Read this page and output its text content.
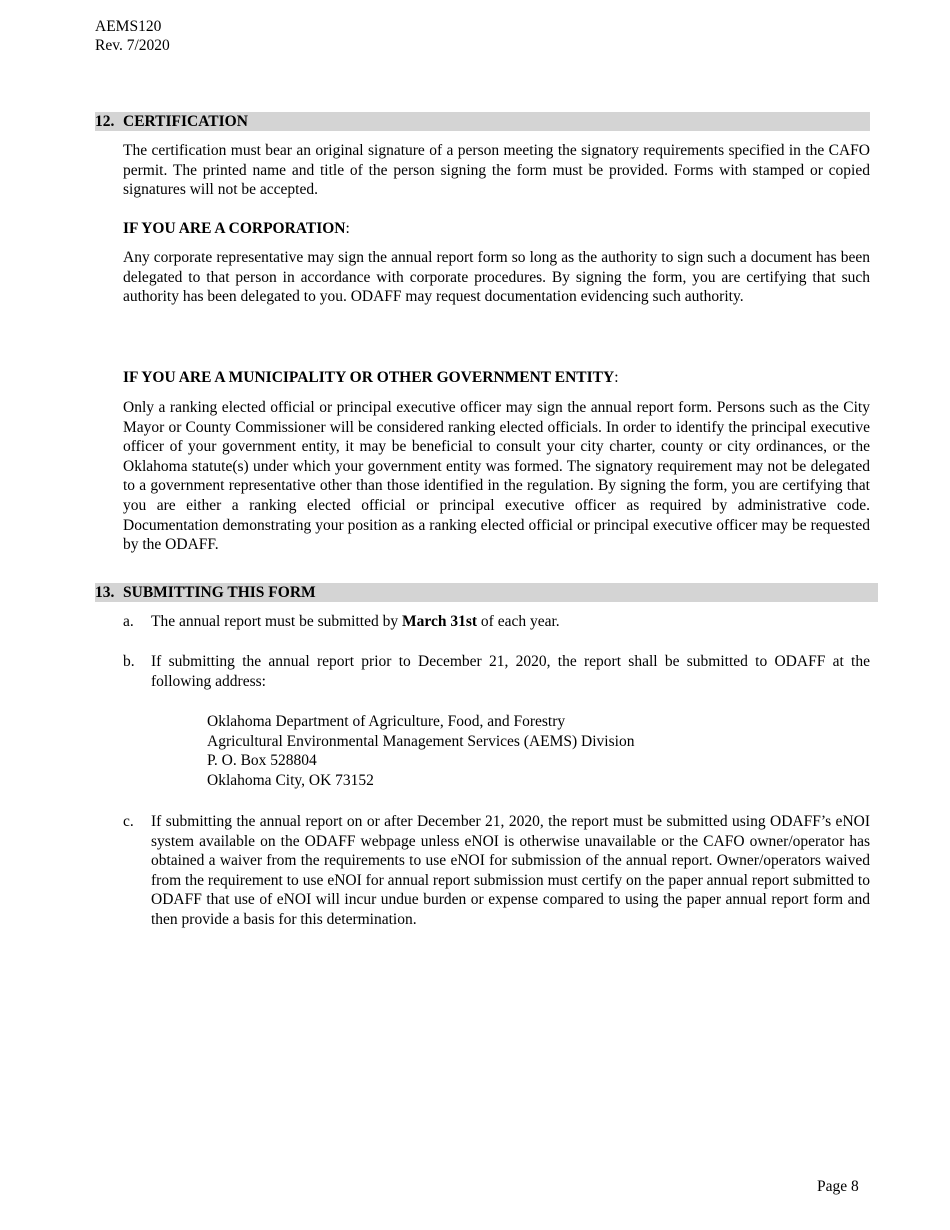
AEMS120
Rev. 7/2020
12. CERTIFICATION

The certification must bear an original signature of a person meeting the signatory requirements specified in the CAFO permit. The printed name and title of the person signing the form must be provided. Forms with stamped or copied signatures will not be accepted.

IF YOU ARE A CORPORATION:

Any corporate representative may sign the annual report form so long as the authority to sign such a document has been delegated to that person in accordance with corporate procedures. By signing the form, you are certifying that such authority has been delegated to you. ODAFF may request documentation evidencing such authority.

IF YOU ARE A MUNICIPALITY OR OTHER GOVERNMENT ENTITY:

Only a ranking elected official or principal executive officer may sign the annual report form. Persons such as the City Mayor or County Commissioner will be considered ranking elected officials. In order to identify the principal executive officer of your government entity, it may be beneficial to consult your city charter, county or city ordinances, or the Oklahoma statute(s) under which your government entity was formed. The signatory requirement may not be delegated to a government representative other than those identified in the regulation. By signing the form, you are certifying that you are either a ranking elected official or principal executive officer as required by administrative code. Documentation demonstrating your position as a ranking elected official or principal executive officer may be requested by the ODAFF.

13. SUBMITTING THIS FORM
a.	The annual report must be submitted by March 31st of each year.
b.	If submitting the annual report prior to December 21, 2020, the report shall be submitted to ODAFF at the following address:
Oklahoma Department of Agriculture, Food, and Forestry
Agricultural Environmental Management Services (AEMS) Division
P. O. Box 528804
Oklahoma City, OK 73152
c.	If submitting the annual report on or after December 21, 2020, the report must be submitted using ODAFF’s eNOI system available on the ODAFF webpage unless eNOI is otherwise unavailable or the CAFO owner/operator has obtained a waiver from the requirements to use eNOI for submission of the annual report. Owner/operators waived from the requirement to use eNOI for annual report submission must certify on the paper annual report submitted to ODAFF that use of eNOI will incur undue burden or expense compared to using the paper annual report form and then provide a basis for this determination.
Page 8
